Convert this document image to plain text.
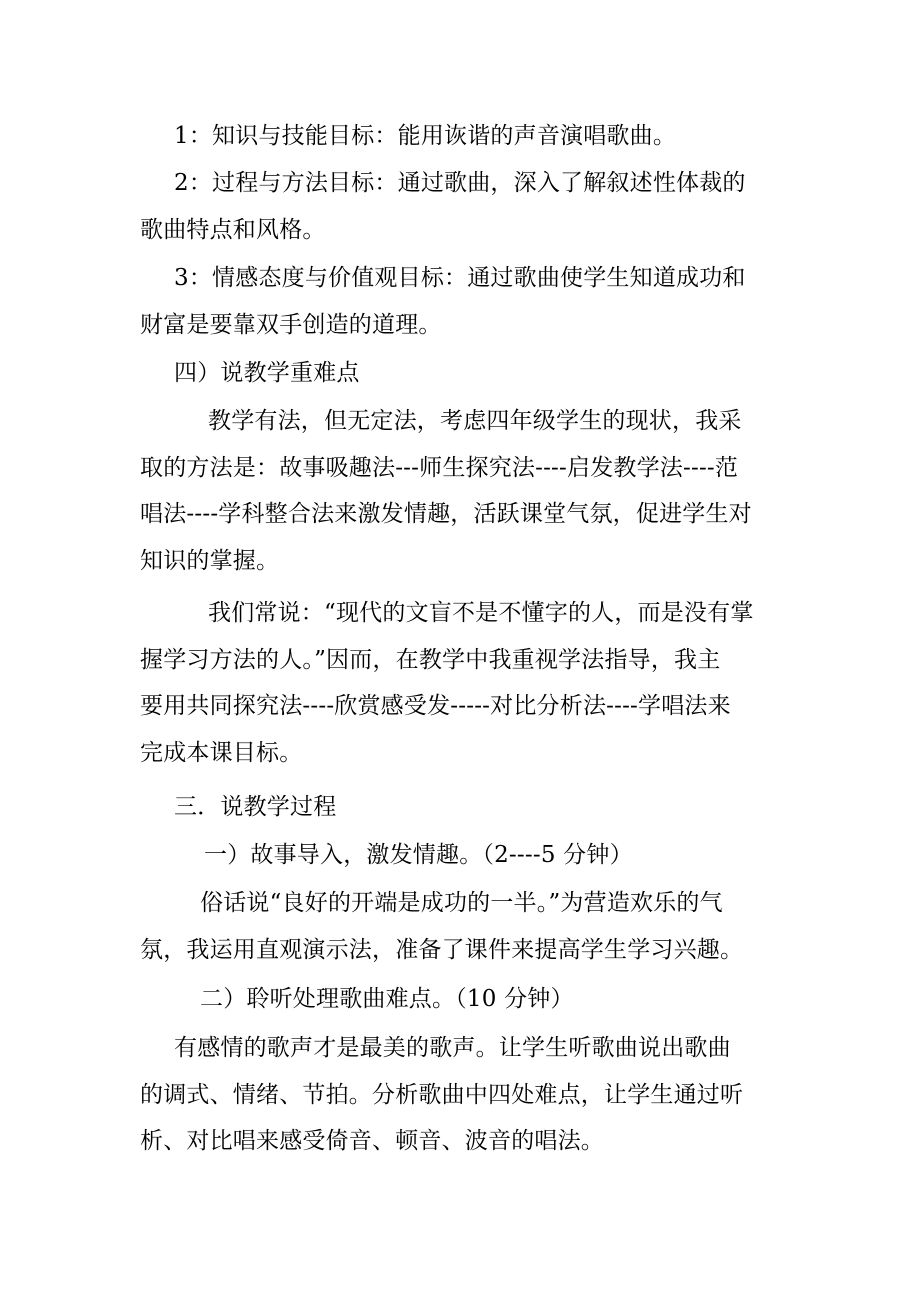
1：知识与技能目标：能用诙谐的声音演唱歌曲。
2：过程与方法目标：通过歌曲，深入了解叙述性体裁的
歌曲特点和风格。
3：情感态度与价值观目标：通过歌曲使学生知道成功和
财富是要靠双手创造的道理。
四）说教学重难点
教学有法，但无定法，考虑四年级学生的现状，我采
取的方法是：故事吸趣法---师生探究法----启发教学法----范
唱法----学科整合法来激发情趣，活跃课堂气氛，促进学生对
知识的掌握。
我们常说：“现代的文盲不是不懂字的人，而是没有掌
握学习方法的人。”因而，在教学中我重视学法指导，我主
要用共同探究法----欣赏感受发-----对比分析法----学唱法来
完成本课目标。
三．说教学过程
一）故事导入，激发情趣。（2----5 分钟）
俗话说“良好的开端是成功的一半。”为营造欢乐的气
氛，我运用直观演示法，准备了课件来提高学生学习兴趣。
二）聆听处理歌曲难点。（10 分钟）
有感情的歌声才是最美的歌声。让学生听歌曲说出歌曲
的调式、情绪、节拍。分析歌曲中四处难点，让学生通过听
析、对比唱来感受倚音、顿音、波音的唱法。
